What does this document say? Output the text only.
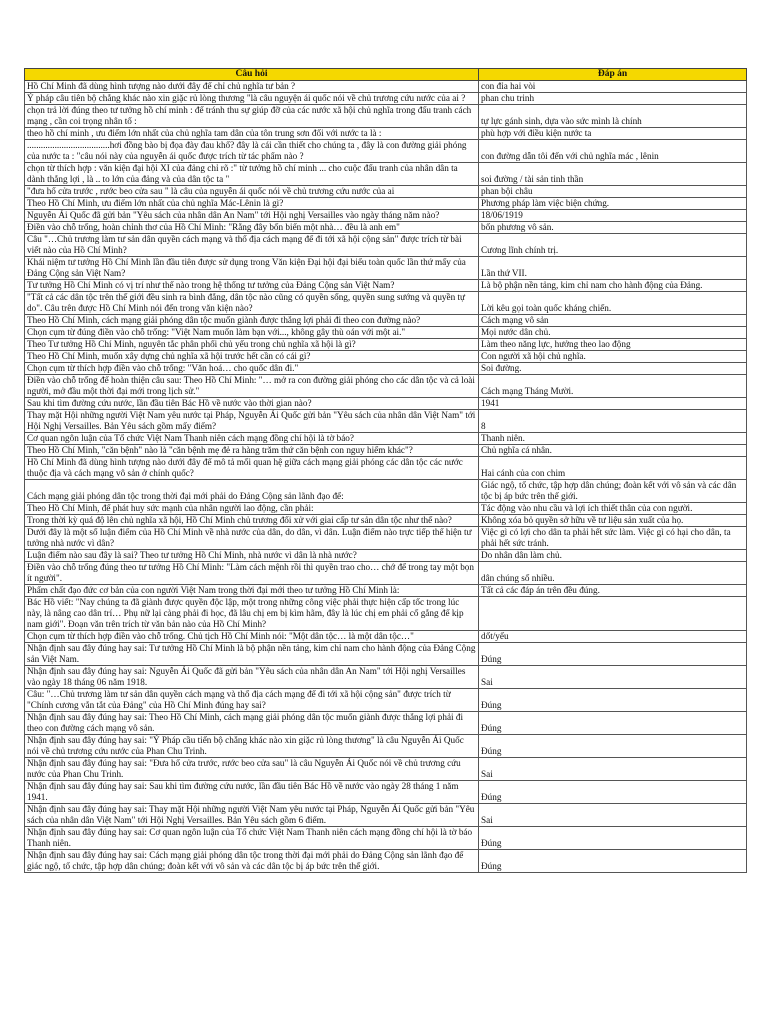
Câu hỏi	Đáp án
Hồ Chí Minh đã dùng hình tượng nào dưới đây để chỉ chủ nghĩa tư bản ?	con đỉa hai vòi
Ý pháp câu tiên bộ chẳng khác nào xin giặc rủ lòng thương "là câu nguyện ái quốc nói về chủ trương cứu nước của ai ?	phan chu trinh
chọn trả lời đúng theo tư tưởng hồ chí minh : để tránh thu sự giúp đỡ của các nước xã hội chủ nghĩa trong đấu tranh cách mạng , cần coi trọng nhân tố :	tự lực gánh sinh, dựa vào sức mình là chính
theo hồ chí minh , ưu điểm lớn nhất của chủ nghĩa tam dân của tôn trung sơn đối với nước ta là :	phù hợp với điều kiện nước ta
....................................hơi đồng bào bị đọa đày đau khổ? đây là cái cần thiết cho chúng ta , đây là con đường giải phóng của nước ta : "câu nói này của nguyễn ái quốc được trích từ tác phẩm nào ?	con đường dẫn tôi đến với chủ nghĩa mác , lênin
chọn từ thích hợp : văn kiện đại hội XI của đảng chỉ rõ :" từ tưởng hồ chí minh ... cho cuộc đấu tranh của nhân dân ta dành thắng lợi , là .. to lớn của đảng và của dân tộc ta "	soi đường / tài sản tinh thần
"đưa hổ cửa trước , rước beo cửa sau " là câu của nguyễn ái quốc nói về chủ trương cứu nước của ai	phan bội châu
Theo Hồ Chí Minh, ưu điểm lớn nhất của chủ nghĩa Mác-Lênin là gì?	Phương pháp làm việc biện chứng.
Nguyễn Ái Quốc đã gửi bản "Yêu sách của nhân dân An Nam" tới Hội nghị Versailles vào ngày tháng năm nào?	18/06/1919
Điền vào chỗ trống, hoàn chỉnh thơ của Hồ Chí Minh: "Rằng đây bốn biển một nhà… đều là anh em"	bốn phương vô sản.
Câu "…Chủ trương làm tư sản dân quyền cách mạng và thổ địa cách mạng để đi tới xã hội cộng sản" được trích từ bài viết nào của Hồ Chí Minh?	Cương lĩnh chính trị.
Khái niệm tư tưởng Hồ Chí Minh lần đầu tiên được sử dụng trong Văn kiện Đại hội đại biểu toàn quốc lần thứ mấy của Đảng Cộng sản Việt Nam?	Lần thứ VII.
Tư tưởng Hồ Chí Minh có vị trí như thế nào trong hệ thống tư tưởng của Đảng Cộng sản Việt Nam?	Là bộ phận nền tảng, kim chỉ nam cho hành động của Đảng.
"Tất cả các dân tộc trên thế giới đều sinh ra bình đẳng, dân tộc nào cũng có quyền sống, quyền sung sướng và quyền tự do". Câu trên được Hồ Chí Minh nói đến trong văn kiện nào?	Lời kêu gọi toàn quốc kháng chiến.
Theo Hồ Chí Minh, cách mạng giải phóng dân tộc muốn giành được thắng lợi phải đi theo con đường nào?	Cách mạng vô sản
Chọn cụm từ đúng điền vào chỗ trống: "Việt Nam muốn làm bạn với..., không gây thù oán với một ai."	Mọi nước dân chủ.
Theo Tư tưởng Hồ Chí Minh, nguyên tắc phân phối chủ yếu trong chủ nghĩa xã hội là gì?	Làm theo năng lực, hưởng theo lao động
Theo Hồ Chí Minh, muốn xây dựng chủ nghĩa xã hội trước hết cần có cái gì?	Con người xã hội chủ nghĩa.
Chọn cụm từ thích hợp điền vào chỗ trống: "Văn hoá… cho quốc dân đi."	Soi đường.
Điền vào chỗ trống để hoàn thiện câu sau: Theo Hồ Chí Minh: "… mở ra con đường giải phóng cho các dân tộc và cả loài người, mở đầu một thời đại mới trong lịch sử."	Cách mạng Tháng Mười.
Sau khi tìm đường cứu nước, lần đầu tiên Bác Hồ về nước vào thời gian nào?	1941
Thay mặt Hội những người Việt Nam yêu nước tại Pháp, Nguyễn Ái Quốc gửi bản "Yêu sách của nhân dân Việt Nam" tới Hội Nghị Versailles. Bản Yêu sách gồm mấy điểm?	8
Cơ quan ngôn luận của Tổ chức Việt Nam Thanh niên cách mạng đồng chí hội là tờ báo?	Thanh niên.
Theo Hồ Chí Minh, "căn bệnh" nào là "căn bệnh mẹ đẻ ra hàng trăm thứ căn bệnh con nguy hiểm khác"?	Chủ nghĩa cá nhân.
Hồ Chí Minh đã dùng hình tượng nào dưới đây để mô tả mối quan hệ giữa cách mạng giải phóng các dân tộc các nước thuộc địa và cách mạng vô sản ở chính quốc?	Hai cánh của con chim
Cách mạng giải phóng dân tộc trong thời đại mới phải do Đảng Cộng sản lãnh đạo để:	Giác ngộ, tổ chức, tập hợp dân chúng; đoàn kết với vô sản và các dân tộc bị áp bức trên thế giới.
Theo Hồ Chí Minh, để phát huy sức mạnh của nhân người lao động, cần phải:	Tác động vào nhu cầu và lợi ích thiết thân của con người.
Trong thời kỳ quá độ lên chủ nghĩa xã hội, Hồ Chí Minh chủ trương đối xử với giai cấp tư sản dân tộc như thế nào?	Không xóa bỏ quyền sở hữu về tư liệu sản xuất của họ.
Dưới đây là một số luận điểm của Hồ Chí Minh về nhà nước của dân, do dân, vì dân. Luận điểm nào trực tiếp thể hiện tư tưởng nhà nước vì dân?	Việc gì có lợi cho dân ta phải hết sức làm. Việc gì có hại cho dân, ta phải hết sức tránh.
Luận điểm nào sau đây là sai? Theo tư tưởng Hồ Chí Minh, nhà nước vì dân là nhà nước?	Do nhân dân làm chủ.
Điền vào chỗ trống đúng theo tư tưởng Hồ Chí Minh: "Làm cách mệnh rồi thì quyền trao cho… chớ để trong tay một bọn ít người".	dân chúng số nhiều.
Phẩm chất đạo đức cơ bản của con người Việt Nam trong thời đại mới theo tư tưởng Hồ Chí Minh là:	Tất cả các đáp án trên đều đúng.
Bác Hồ viết: "Nay chúng ta đã giành được quyền độc lập, một trong những công việc phải thực hiện cấp tốc trong lúc này, là nâng cao dân trí… Phụ nữ lại càng phải đi học, đã lâu chị em bị kìm hãm, đây là lúc chị em phải cố gắng để kịp nam giới". Đoạn văn trên trích từ văn bản nào của Hồ Chí Minh?	
Chọn cụm từ thích hợp điền vào chỗ trống. Chủ tịch Hồ Chí Minh nói: "Một dân tộc… là một dân tộc…"	dốt/yếu
Nhận định sau đây đúng hay sai: Tư tưởng Hồ Chí Minh là bộ phận nền tảng, kim chỉ nam cho hành động của Đảng Cộng sản Việt Nam.	Đúng
Nhận định sau đây đúng hay sai: Nguyễn Ái Quốc đã gửi bản "Yêu sách của nhân dân An Nam" tới Hội nghị Versailles vào ngày 18 tháng 06 năm 1918.	Sai
Câu: "…Chủ trương làm tư sản dân quyền cách mạng và thổ địa cách mạng để đi tới xã hội cộng sản" được trích từ "Chính cương vắn tắt của Đảng" của Hồ Chí Minh đúng hay sai?	Đúng
Nhận định sau đây đúng hay sai: Theo Hồ Chí Minh, cách mạng giải phóng dân tộc muốn giành được thắng lợi phải đi theo con đường cách mạng vô sản.	Đúng
Nhận định sau đây đúng hay sai: "Ỷ Pháp cầu tiến bộ chẳng khác nào xin giặc rủ lòng thương" là câu Nguyễn Ái Quốc nói về chủ trương cứu nước của Phan Chu Trinh.	Đúng
Nhận định sau đây đúng hay sai: "Đưa hổ cửa trước, rước beo cửa sau" là câu Nguyễn Ái Quốc nói về chủ trương cứu nước của Phan Chu Trinh.	Sai
Nhận định sau đây đúng hay sai: Sau khi tìm đường cứu nước, lần đầu tiên Bác Hồ về nước vào ngày 28 tháng 1 năm 1941.	Đúng
Nhận định sau đây đúng hay sai: Thay mặt Hội những người Việt Nam yêu nước tại Pháp, Nguyễn Ái Quốc gửi bản "Yêu sách của nhân dân Việt Nam" tới Hội Nghị Versailles. Bản Yêu sách gồm 6 điểm.	Sai
Nhận định sau đây đúng hay sai: Cơ quan ngôn luận của Tổ chức Việt Nam Thanh niên cách mạng đồng chí hội là tờ báo Thanh niên.	Đúng
Nhận định sau đây đúng hay sai: Cách mạng giải phóng dân tộc trong thời đại mới phải do Đảng Cộng sản lãnh đạo để giác ngộ, tổ chức, tập hợp dân chúng; đoàn kết với vô sản và các dân tộc bị áp bức trên thế giới.	Đúng
